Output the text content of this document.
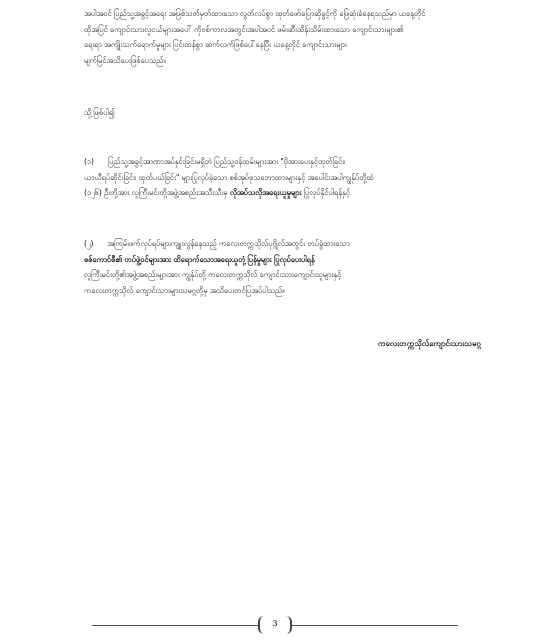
အပါအဝင် ပြည်သူ့အခွင့်အရေး အဖြစ်သတ်မှတ်ထားသော လွတ်လပ်စွာ ထုတ်ဖော်ပြောဆိုခွင့်ကို ဖြေဆုံးခံနေရသည်မှာ ယနေ့တိုင်
ထိုအပြင် ကျောင်းသားလူငယ်များအပေါ် ကိုဗစ်ကာလအတွင်းအပါအဝင် ဖမ်းဆီးထိန်းသိမ်းထားသော ကျောင်းသားများ၏
ရေးရာ အကျိုးသက်ရောက်မှုများ ပြင်းထန်စွာ ဆက်လက်ဖြစ်ပေါ်နေပြီး ယနေ့တိုင် ကျောင်းသားများ
မျက်မြင်အသိပေးဖြစ်ပေသည်။
သို့ဖြစ်ပါ၍
(၁) ပြည်သူ့အခွင့်အာဏာအပ်နှင်းခြင်းမရှိဘဲ ပြည်သူ့ဝန်ထမ်းများအား "ဗိုအားပေးနှင့်ထုတ်ခြင်း၊
ယာယီရပ်ဆိုင်းခြင်း၊ ထုတ်ပယ်ခြင်း" များပြုလုပ်ခဲ့သော စစ်အုပ်စုသဘောထားများနှင့် အပေါင်းအပါကျွန်ုပ်တို့ထံ
(၁၂၆) ဦးတို့အား လူကြီးမင်းတို့အဖွဲ့အစည်းအသီးသီးမှ လိုအပ်သလိုအရေးယူမှုများ ပြုလုပ်နိုင်ပါရန်နှင့်
(၂) အကြမ်းဖက်လုပ်ရပ်များကျူးလွန်နေသည့် ကလေးတက္ကသိုလ်ပုဂ္ဂိုလ်အတွင်း တပ်ခွဲထားသော
စစ်ကောင်စီ၏ တပ်ဖွဲ့ဝင်များအား ထိရောက်သောအရေးယူတုံ့ပြန်မှုများ ပြုလုပ်ပေးပါရန်
လူကြီးမင်းတို့၏အဖွဲ့အစည်းများအား ကျွန်ုပ်တို့ ကလေးတက္ကသိုလ် ကျောင်းသားကျောင်းသူများနှင့်
ကလေးတက္ကသိုလ် ကျောင်းသားများသမဂ္ဂတို့မှ အသိပေးတင်ပြအပ်ပါသည်။
ကလေးတက္ကသိုလ်ကျောင်းသားသမဂ္ဂ
3
